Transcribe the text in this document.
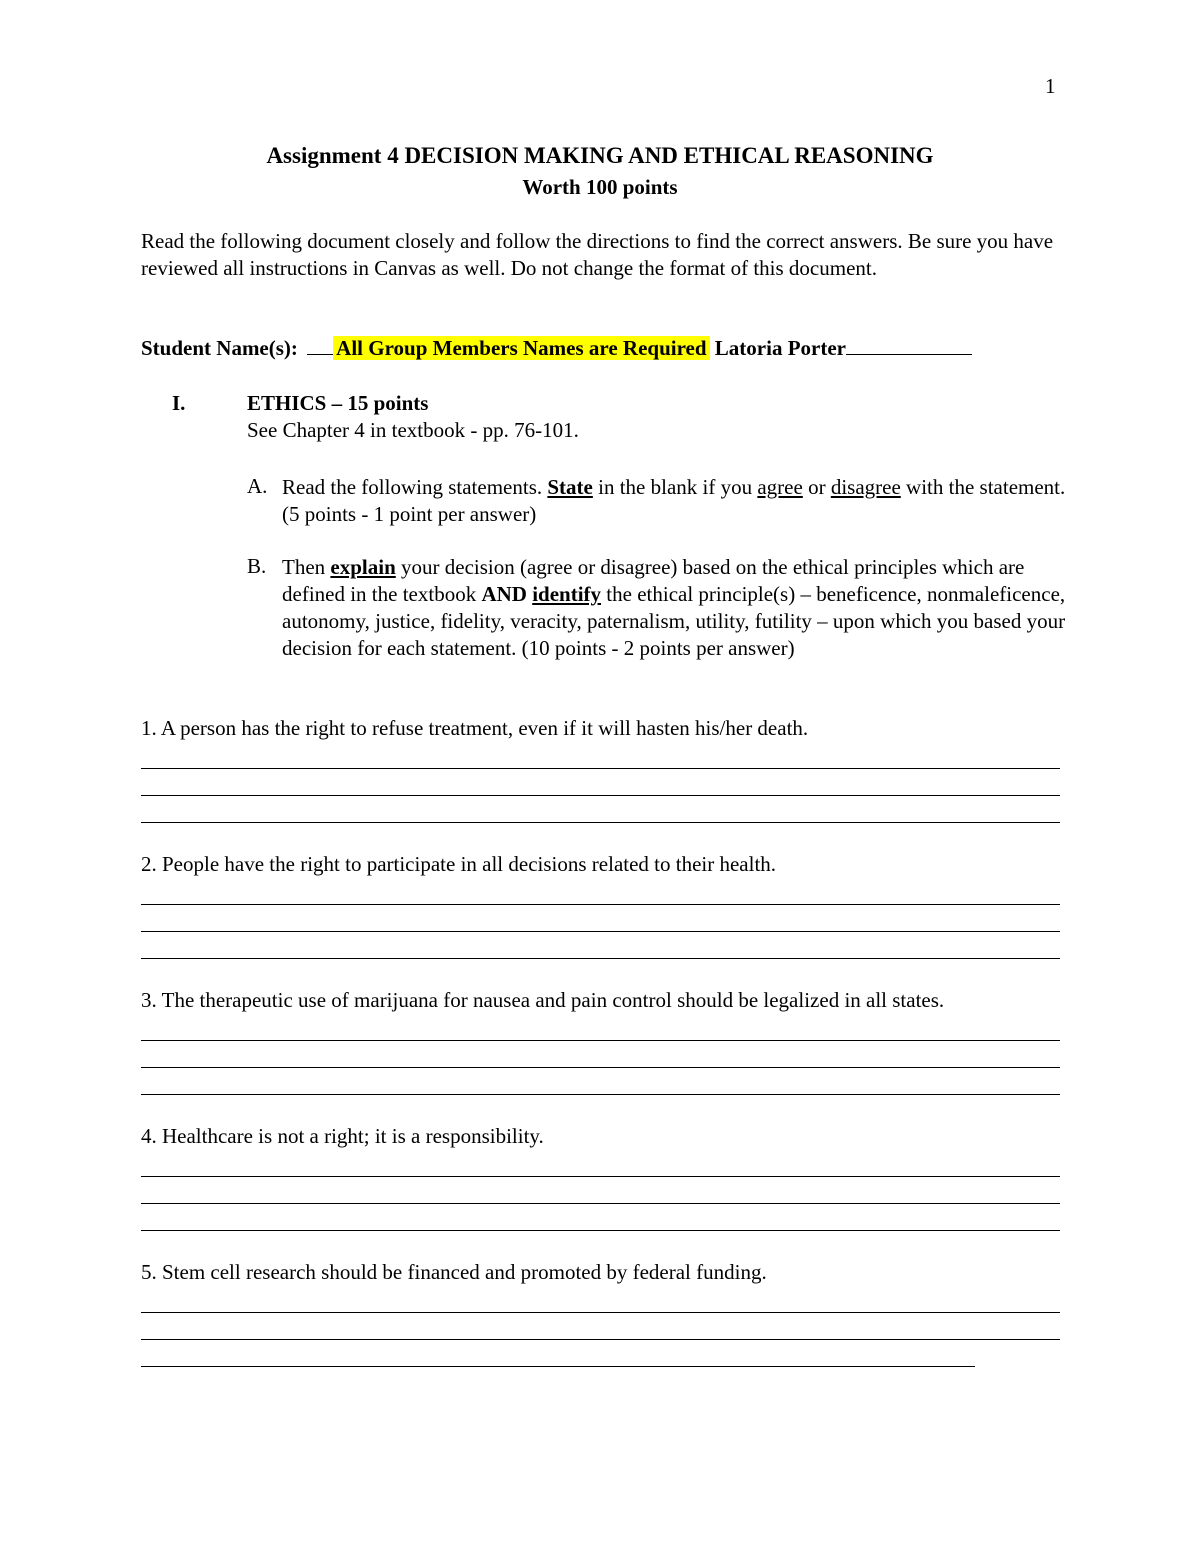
1
Assignment 4 DECISION MAKING AND ETHICAL REASONING
Worth 100 points
Read the following document closely and follow the directions to find the correct answers. Be sure you have reviewed all instructions in Canvas as well. Do not change the format of this document.
Student Name(s): All Group Members Names are Required Latoria Porter
I.	ETHICS – 15 points
See Chapter 4 in textbook - pp. 76-101.
A. Read the following statements. State in the blank if you agree or disagree with the statement. (5 points - 1 point per answer)
B. Then explain your decision (agree or disagree) based on the ethical principles which are defined in the textbook AND identify the ethical principle(s) – beneficence, nonmaleficence, autonomy, justice, fidelity, veracity, paternalism, utility, futility – upon which you based your decision for each statement. (10 points - 2 points per answer)
1. A person has the right to refuse treatment, even if it will hasten his/her death.
2. People have the right to participate in all decisions related to their health.
3. The therapeutic use of marijuana for nausea and pain control should be legalized in all states.
4. Healthcare is not a right; it is a responsibility.
5. Stem cell research should be financed and promoted by federal funding.
